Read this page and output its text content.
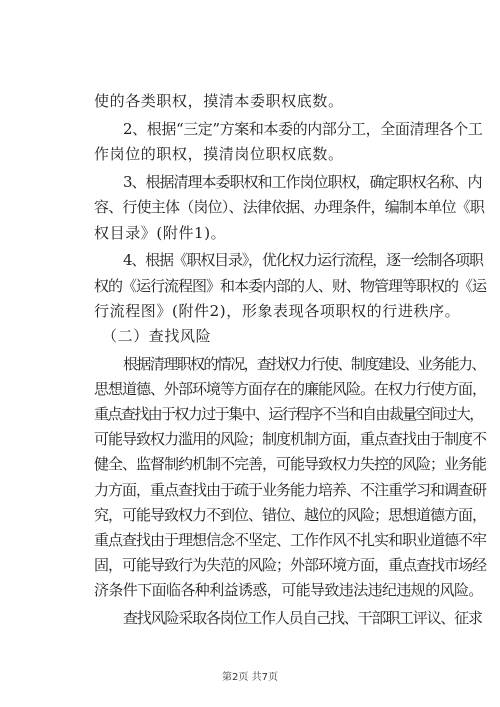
使的各类职权，摸清本委职权底数。
2、根据“三定”方案和本委的内部分工，全面清理各个工
作岗位的职权，摸清岗位职权底数。
3、根据清理本委职权和工作岗位职权，确定职权名称、内
容、行使主体（岗位）、法律依据、办理条件，编制本单位《职
权目录》(附件1)。
4、根据《职权目录》，优化权力运行流程，逐一绘制各项职
权的《运行流程图》和本委内部的人、财、物管理等职权的《运
行流程图》(附件2)，形象表现各项职权的行进秩序。
（二）查找风险
根据清理职权的情况，查找权力行使、制度建设、业务能力、
思想道德、外部环境等方面存在的廉能风险。在权力行使方面，
重点查找由于权力过于集中、运行程序不当和自由裁量空间过大，
可能导致权力滥用的风险；制度机制方面，重点查找由于制度不
健全、监督制约机制不完善，可能导致权力失控的风险；业务能
力方面，重点查找由于疏于业务能力培养、不注重学习和调查研
究，可能导致权力不到位、错位、越位的风险；思想道德方面，
重点查找由于理想信念不坚定、工作作风不扎实和职业道德不牢
固，可能导致行为失范的风险；外部环境方面，重点查找市场经
济条件下面临各种利益诱惑，可能导致违法违纪违规的风险。
查找风险采取各岗位工作人员自己找、干部职工评议、征求
第2页 共7页
